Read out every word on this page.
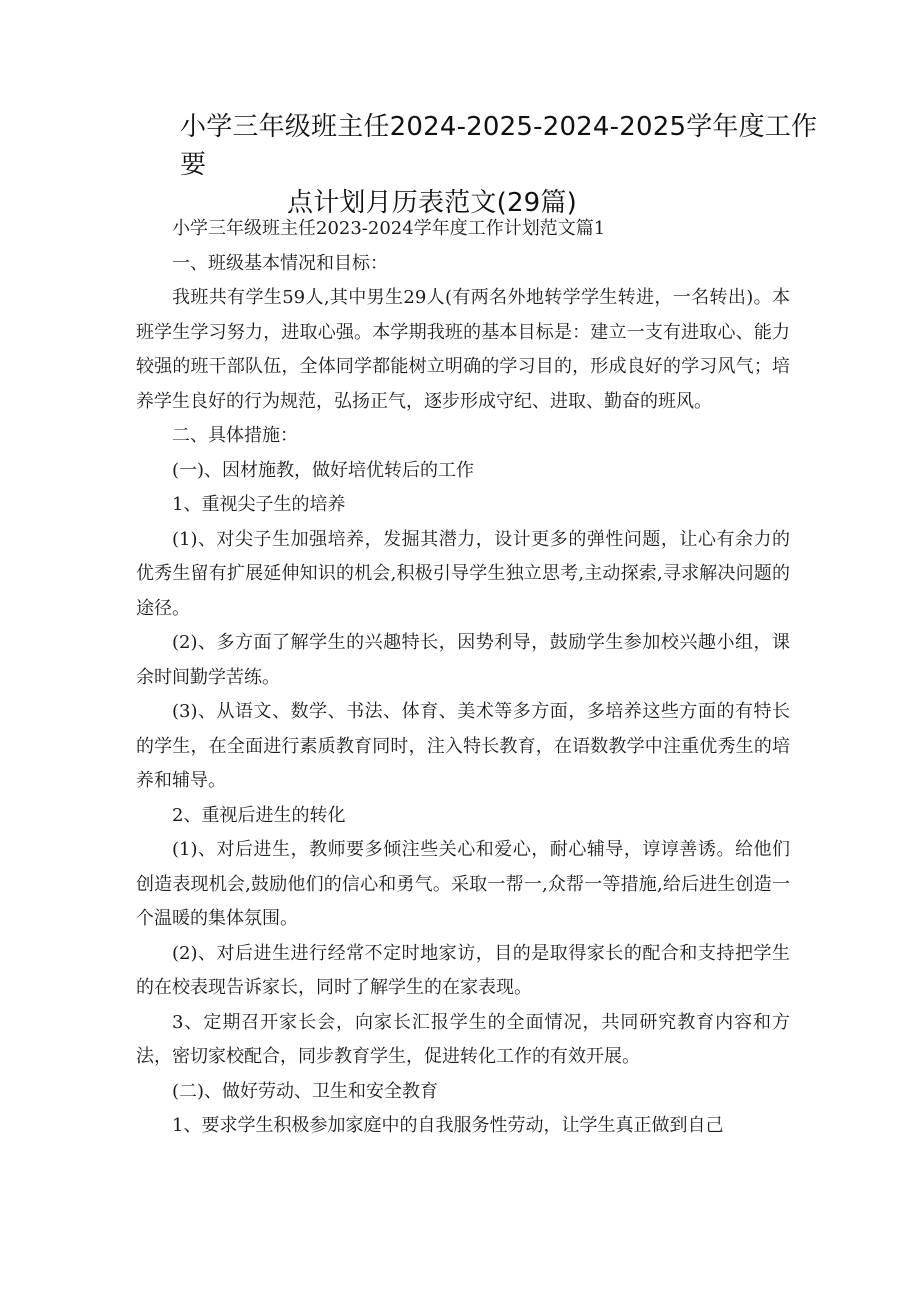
小学三年级班主任2024-2025-2024-2025学年度工作要
点计划月历表范文(29篇)

小学三年级班主任2023-2024学年度工作计划范文篇1

一、班级基本情况和目标：

我班共有学生59人,其中男生29人(有两名外地转学学生转进，一名转出)。本班学生学习努力，进取心强。本学期我班的基本目标是：建立一支有进取心、能力较强的班干部队伍，全体同学都能树立明确的学习目的，形成良好的学习风气；培养学生良好的行为规范，弘扬正气，逐步形成守纪、进取、勤奋的班风。

二、具体措施：

(一)、因材施教，做好培优转后的工作

1、重视尖子生的培养

(1)、对尖子生加强培养，发掘其潜力，设计更多的弹性问题，让心有余力的优秀生留有扩展延伸知识的机会,积极引导学生独立思考,主动探索,寻求解决问题的途径。

(2)、多方面了解学生的兴趣特长，因势利导，鼓励学生参加校兴趣小组，课余时间勤学苦练。

(3)、从语文、数学、书法、体育、美术等多方面，多培养这些方面的有特长的学生，在全面进行素质教育同时，注入特长教育，在语数教学中注重优秀生的培养和辅导。

2、重视后进生的转化

(1)、对后进生，教师要多倾注些关心和爱心，耐心辅导，谆谆善诱。给他们创造表现机会,鼓励他们的信心和勇气。采取一帮一,众帮一等措施,给后进生创造一个温暖的集体氛围。

(2)、对后进生进行经常不定时地家访，目的是取得家长的配合和支持把学生的在校表现告诉家长，同时了解学生的在家表现。

3、定期召开家长会，向家长汇报学生的全面情况，共同研究教育内容和方法，密切家校配合，同步教育学生，促进转化工作的有效开展。

(二)、做好劳动、卫生和安全教育

1、要求学生积极参加家庭中的自我服务性劳动，让学生真正做到自己
